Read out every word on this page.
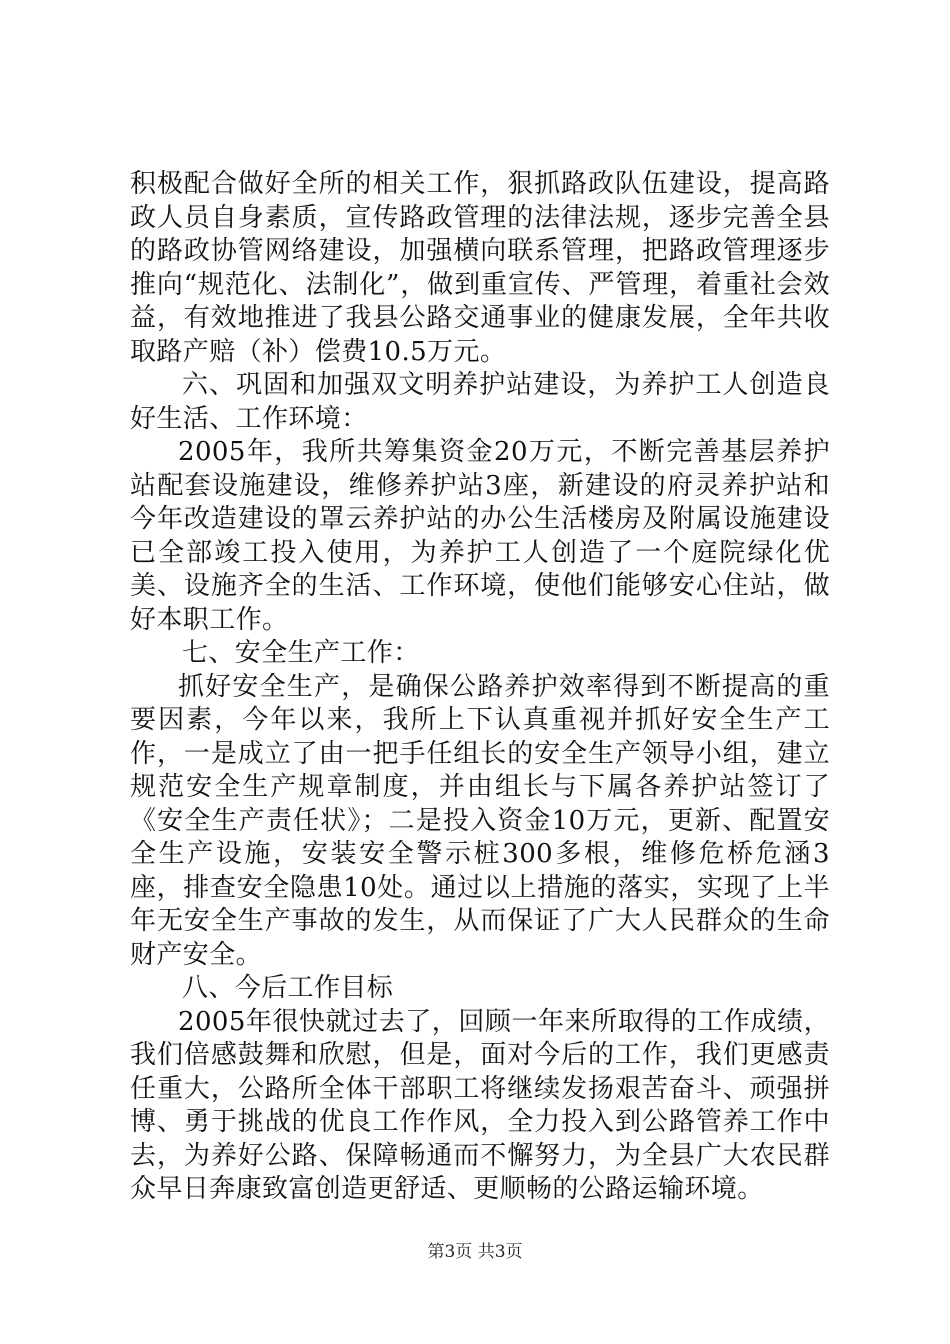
积极配合做好全所的相关工作，狠抓路政队伍建设，提高路政人员自身素质，宣传路政管理的法律法规，逐步完善全县的路政协管网络建设，加强横向联系管理，把路政管理逐步推向“规范化、法制化”，做到重宣传、严管理，着重社会效益，有效地推进了我县公路交通事业的健康发展，全年共收取路产赔（补）偿费10.5万元。

六、巩固和加强双文明养护站建设，为养护工人创造良好生活、工作环境：

2005年，我所共筹集资金20万元，不断完善基层养护站配套设施建设，维修养护站3座，新建设的府灵养护站和今年改造建设的罩云养护站的办公生活楼房及附属设施建设已全部竣工投入使用，为养护工人创造了一个庭院绿化优美、设施齐全的生活、工作环境，使他们能够安心住站，做好本职工作。

七、安全生产工作：

抓好安全生产，是确保公路养护效率得到不断提高的重要因素，今年以来，我所上下认真重视并抓好安全生产工作，一是成立了由一把手任组长的安全生产领导小组，建立规范安全生产规章制度，并由组长与下属各养护站签订了《安全生产责任状》；二是投入资金10万元，更新、配置安全生产设施，安装安全警示桩300多根，维修危桥危涵3座，排查安全隐患10处。通过以上措施的落实，实现了上半年无安全生产事故的发生，从而保证了广大人民群众的生命财产安全。

八、今后工作目标

2005年很快就过去了，回顾一年来所取得的工作成绩，我们倍感鼓舞和欣慰，但是，面对今后的工作，我们更感责任重大，公路所全体干部职工将继续发扬艰苦奋斗、顽强拼博、勇于挑战的优良工作作风，全力投入到公路管养工作中去，为养好公路、保障畅通而不懈努力，为全县广大农民群众早日奔康致富创造更舒适、更顺畅的公路运输环境。

第3页 共3页
